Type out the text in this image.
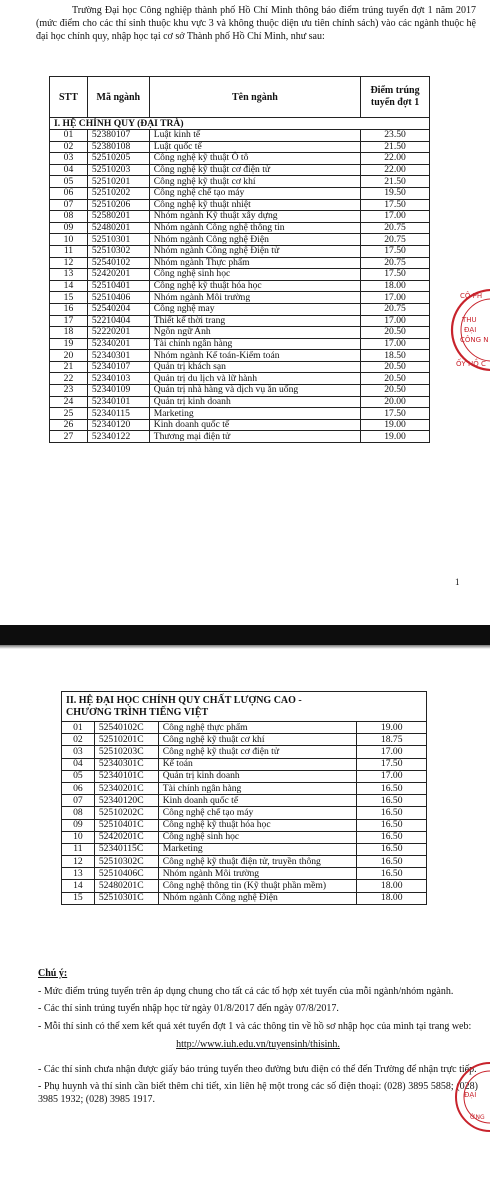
Trường Đại học Công nghiệp thành phố Hồ Chí Minh thông báo điểm trúng tuyển đợt 1 năm 2017 (mức điểm cho các thí sinh thuộc khu vực 3 và không thuộc diện ưu tiên chính sách) vào các ngành thuộc hệ đại học chính quy, nhập học tại cơ sở Thành phố Hồ Chí Minh, như sau:

STT	Mã ngành	Tên ngành	Điểm trúng
tuyển đợt 1
I. HỆ CHÍNH QUY (ĐẠI TRÀ)			
01	52380107	Luật kinh tế	23.50
02	52380108	Luật quốc tế	21.50
03	52510205	Công nghệ kỹ thuật Ô tô	22.00
04	52510203	Công nghệ kỹ thuật cơ điện tử	22.00
05	52510201	Công nghệ kỹ thuật cơ khí	21.50
06	52510202	Công nghệ chế tạo máy	19.50
07	52510206	Công nghệ kỹ thuật nhiệt	17.50
08	52580201	Nhóm ngành Kỹ thuật xây dựng	17.00
09	52480201	Nhóm ngành Công nghệ thông tin	20.75
10	52510301	Nhóm ngành Công nghệ Điện	20.75
11	52510302	Nhóm ngành Công nghệ Điện tử	17.50
12	52540102	Nhóm ngành Thực phẩm	20.75
13	52420201	Công nghệ sinh học	17.50
14	52510401	Công nghệ kỹ thuật hóa học	18.00
15	52510406	Nhóm ngành Môi trường	17.00
16	52540204	Công nghệ may	20.75
17	52210404	Thiết kế thời trang	17.00
18	52220201	Ngôn ngữ Anh	20.50
19	52340201	Tài chính ngân hàng	17.00
20	52340301	Nhóm ngành Kế toán-Kiểm toán	18.50
21	52340107	Quản trị khách sạn	20.50
22	52340103	Quản trị du lịch và lữ hành	20.50
23	52340109	Quản trị nhà hàng và dịch vụ ăn uống	20.50
24	52340101	Quản trị kinh doanh	20.00
25	52340115	Marketing	17.50
26	52340120	Kinh doanh quốc tế	19.00
27	52340122	Thương mại điện tử	19.00
CÔ PH
THU
ĐẠI
CÔNG N
ỐY HỒ C
1
II. HỆ ĐẠI HỌC CHÍNH QUY CHẤT LƯỢNG CAO -
CHƯƠNG TRÌNH TIẾNG VIỆT			
01	52540102C	Công nghệ thực phẩm	19.00
02	52510201C	Công nghệ kỹ thuật cơ khí	18.75
03	52510203C	Công nghệ kỹ thuật cơ điện tử	17.00
04	52340301C	Kế toán	17.50
05	52340101C	Quản trị kinh doanh	17.00
06	52340201C	Tài chính ngân hàng	16.50
07	52340120C	Kinh doanh quốc tế	16.50
08	52510202C	Công nghệ chế tạo máy	16.50
09	52510401C	Công nghệ kỹ thuật hóa học	16.50
10	52420201C	Công nghệ sinh học	16.50
11	52340115C	Marketing	16.50
12	52510302C	Công nghệ kỹ thuật điện tử, truyền thông	16.50
13	52510406C	Nhóm ngành Môi trường	16.50
14	52480201C	Công nghệ thông tin (Kỹ thuật phần mềm)	18.00
15	52510301C	Nhóm ngành Công nghệ Điện	18.00
Chú ý:

- Mức điểm trúng tuyển trên áp dụng chung cho tất cả các tổ hợp xét tuyển của mỗi ngành/nhóm ngành.

- Các thí sinh trúng tuyển nhập học từ ngày 01/8/2017 đến ngày 07/8/2017.

- Mỗi thí sinh có thể xem kết quả xét tuyển đợt 1 và các thông tin về hồ sơ nhập học của mình tại trang web:

http://www.iuh.edu.vn/tuyensinh/thisinh.

- Các thí sinh chưa nhận được giấy báo trúng tuyển theo đường bưu điện có thể đến Trường để nhận trực tiếp.

- Phụ huynh và thí sinh cần biết thêm chi tiết, xin liên hệ một trong các số điện thoại: (028) 3895 5858; (028) 3985 1932; (028) 3985 1917.	ĐẠI
ỜNG
